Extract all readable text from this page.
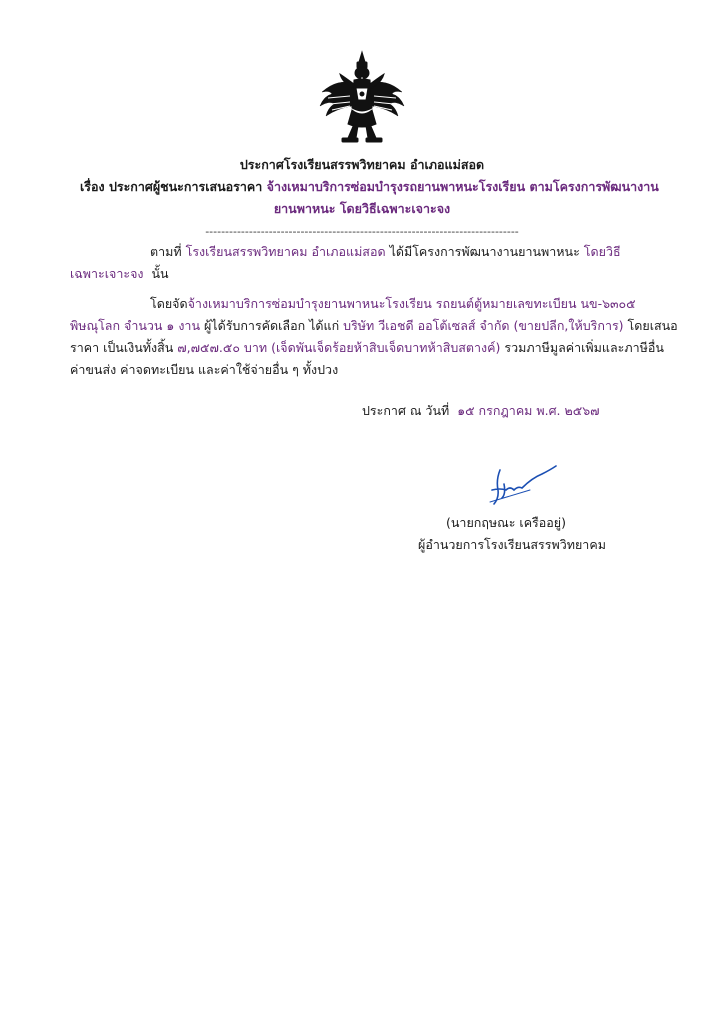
ประกาศโรงเรียนสรรพวิทยาคม อำเภอแม่สอด
เรื่อง ประกาศผู้ชนะการเสนอราคา จ้างเหมาบริการซ่อมบำรุงรถยานพาหนะโรงเรียน ตามโครงการพัฒนางาน
ยานพาหนะ โดยวิธีเฉพาะเจาะจง
-------------------------------------------------------------------------------
ตามที่ โรงเรียนสรรพวิทยาคม อำเภอแม่สอด ได้มีโครงการพัฒนางานยานพาหนะ โดยวิธี
เฉพาะเจาะจง นั้น
โดยจัดจ้างเหมาบริการซ่อมบำรุงยานพาหนะโรงเรียน รถยนต์ตู้หมายเลขทะเบียน นข-๖๓๐๕
พิษณุโลก จำนวน ๑ งาน ผู้ได้รับการคัดเลือก ได้แก่ บริษัท วีเอชดี ออโต้เซลส์ จำกัด (ขายปลีก,ให้บริการ) โดยเสนอ
ราคา เป็นเงินทั้งสิ้น ๗,๗๕๗.๕๐ บาท (เจ็ดพันเจ็ดร้อยห้าสิบเจ็ดบาทห้าสิบสตางค์) รวมภาษีมูลค่าเพิ่มและภาษีอื่น
ค่าขนส่ง ค่าจดทะเบียน และค่าใช้จ่ายอื่น ๆ ทั้งปวง
ประกาศ ณ วันที่ ๑๕ กรกฎาคม พ.ศ. ๒๕๖๗
(นายกฤษณะ เครืออยู่)
ผู้อำนวยการโรงเรียนสรรพวิทยาคม
